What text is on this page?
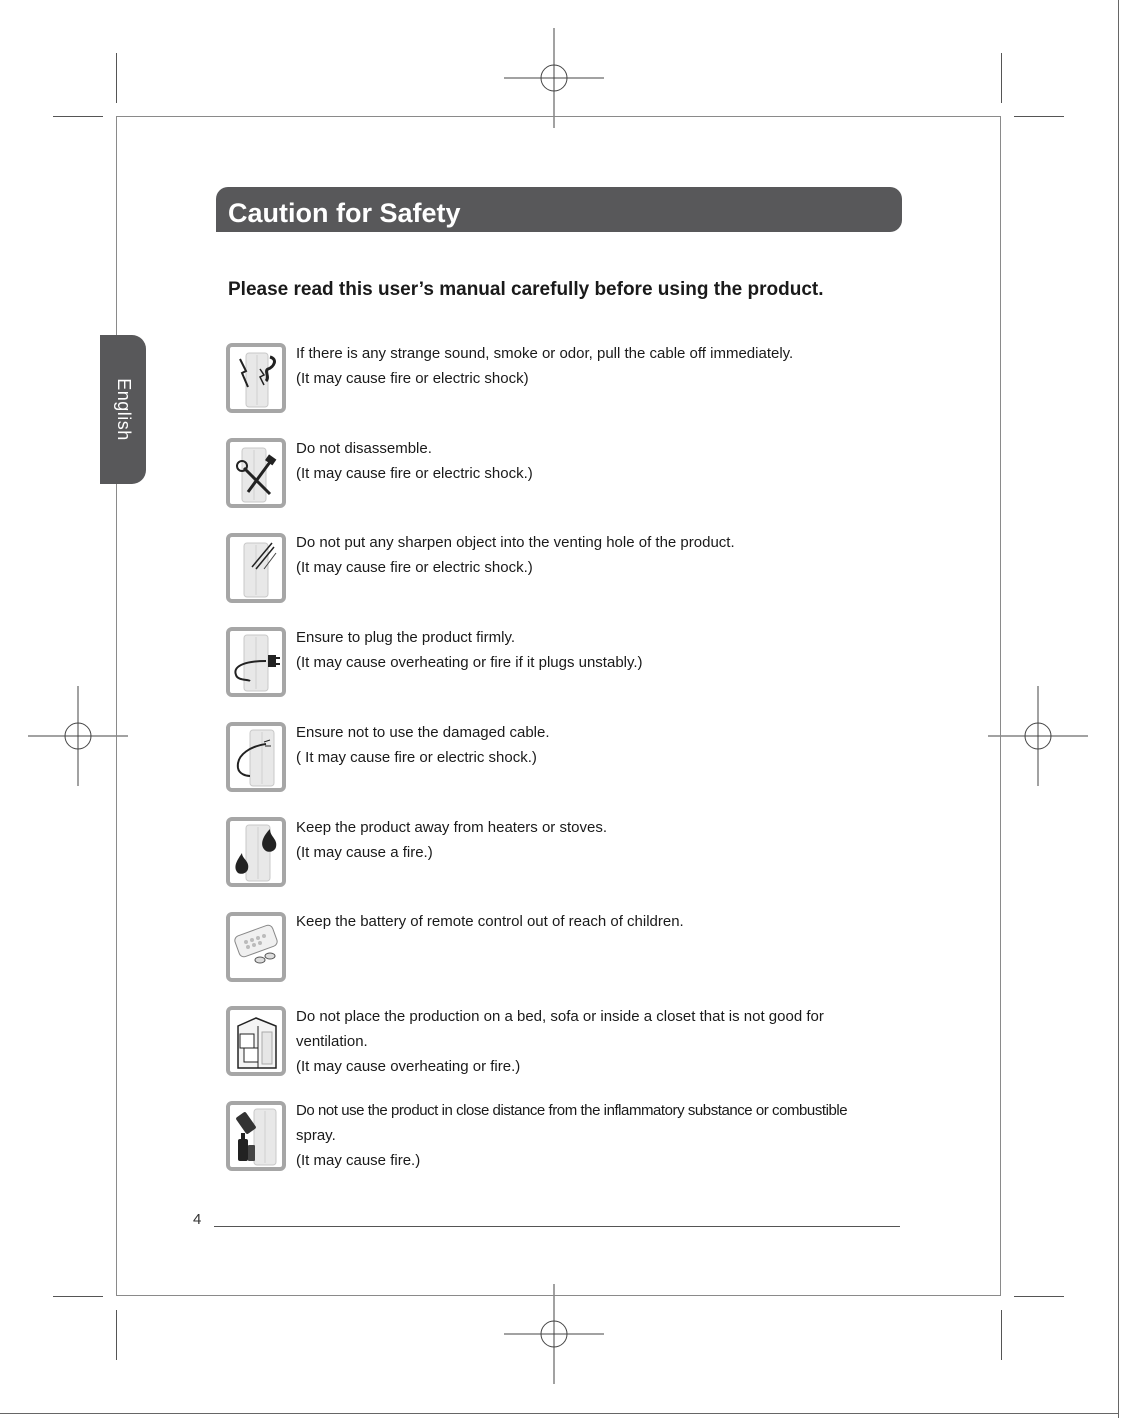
English
Caution for Safety
Please read this user’s manual carefully before using the product.
If there is any strange sound, smoke or odor, pull the cable off immediately.
(It may cause fire or electric shock)
Do not disassemble.
(It may cause fire or electric shock.)
Do not put any sharpen object into the venting hole of the product.
(It may cause fire or electric shock.)
Ensure to plug the product firmly.
(It may cause overheating or fire if it plugs unstably.)
Ensure not to use the damaged cable.
( It may cause fire or electric shock.)
Keep the product away from heaters or stoves.
(It may cause a fire.)
Keep the battery of remote control out of reach of children.
Do not place the production on a bed, sofa or inside a closet that is not good for
ventilation.
(It may cause overheating or fire.)
Do not use the product in close distance from the inflammatory substance or combustible
spray.
(It may cause fire.)
4
